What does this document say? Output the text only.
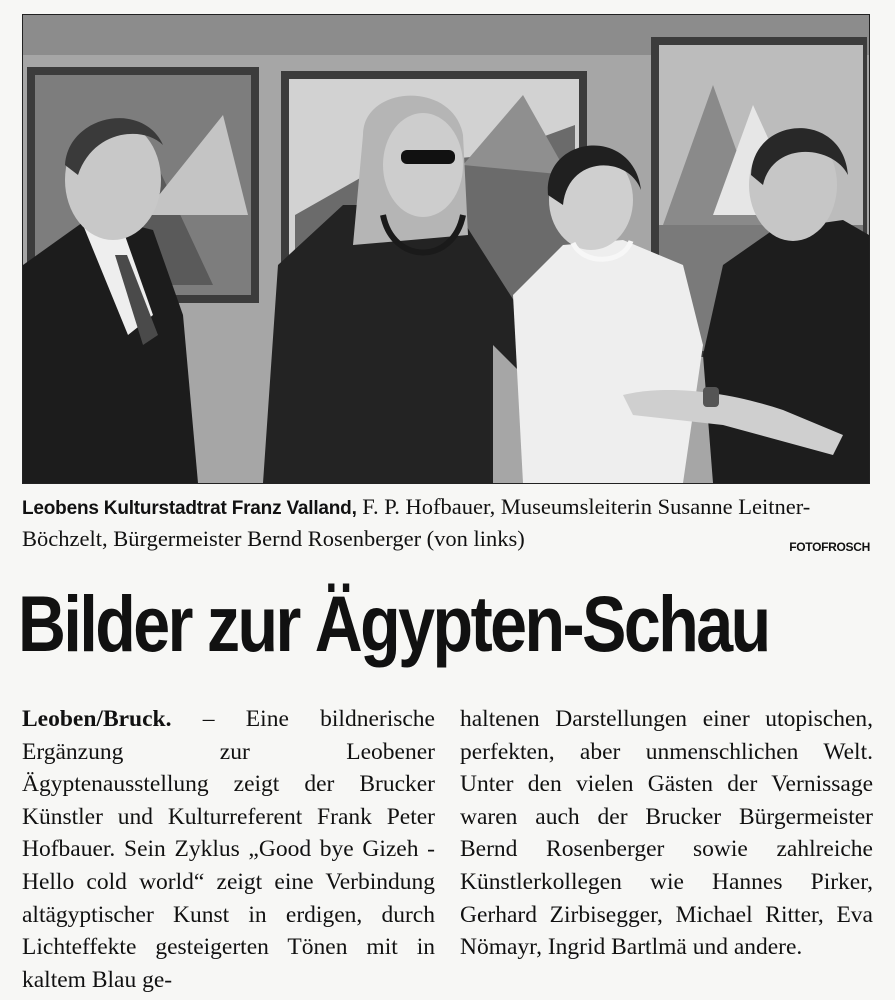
Leobens Kulturstadtrat Franz Valland, F. P. Hofbauer, Museumsleiterin Susanne Leitner-Böchzelt, Bürgermeister Bernd Rosenberger (von links)	FOTOFROSCH
Bilder zur Ägypten-Schau

Leoben/Bruck. – Eine bildnerische Ergänzung zur Leobener Ägyptenausstellung zeigt der Brucker Künstler und Kulturreferent Frank Peter Hofbauer. Sein Zyklus „Good bye Gizeh - Hello cold world“ zeigt eine Verbindung altägyptischer Kunst in erdigen, durch Lichteffekte gesteigerten Tönen mit in kaltem Blau ge-

haltenen Darstellungen einer utopischen, perfekten, aber unmenschlichen Welt. Unter den vielen Gästen der Vernissage waren auch der Brucker Bürgermeister Bernd Rosenberger sowie zahlreiche Künstlerkollegen wie Hannes Pirker, Gerhard Zirbisegger, Michael Ritter, Eva Nömayr, Ingrid Bartlmä und andere.
